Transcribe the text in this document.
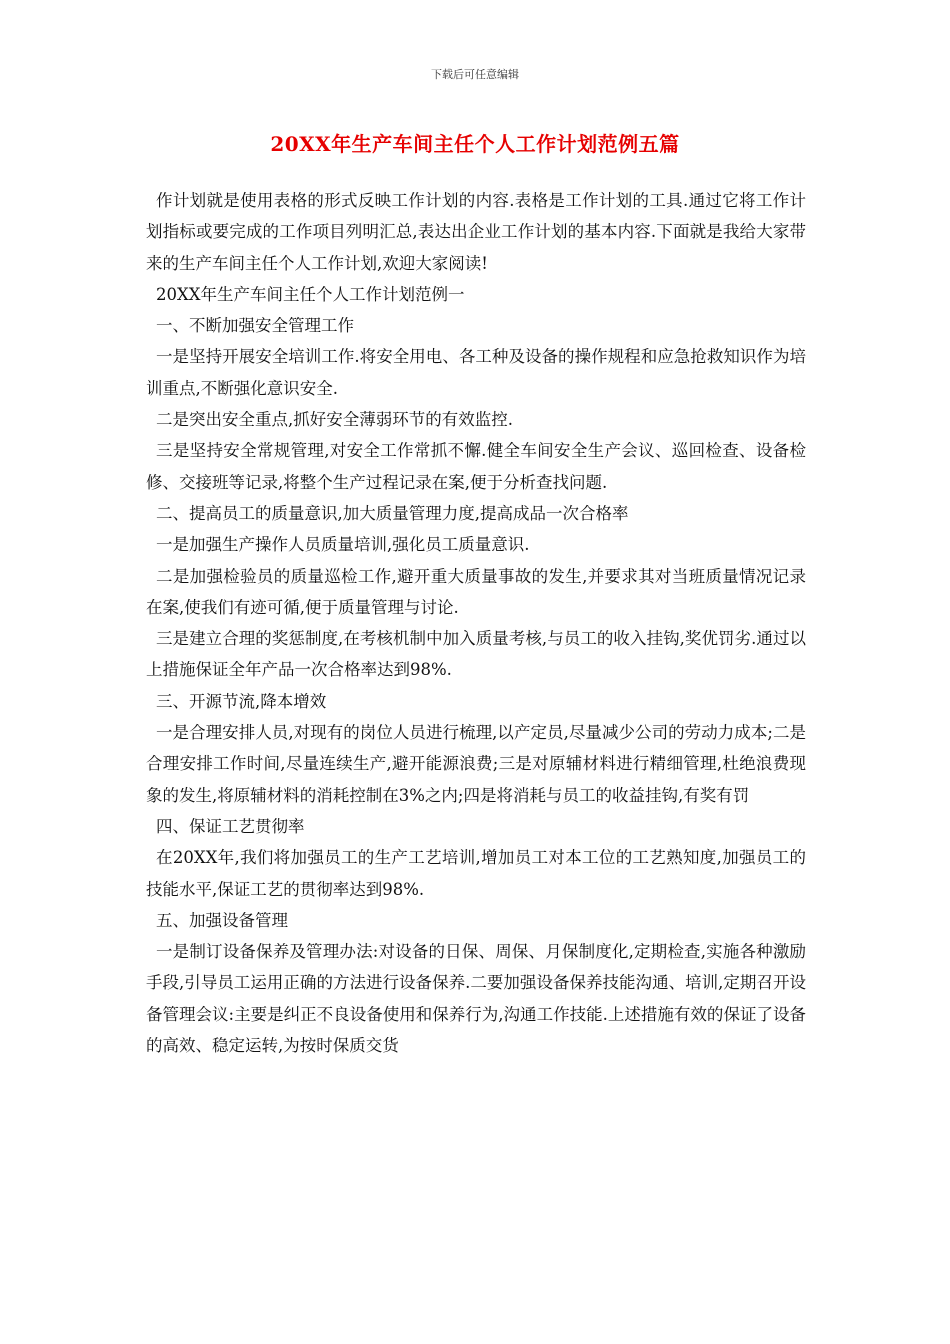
下载后可任意编辑
20XX年生产车间主任个人工作计划范例五篇

作计划就是使用表格的形式反映工作计划的内容.表格是工作计划的工具.通过它将工作计划指标或要完成的工作项目列明汇总,表达出企业工作计划的基本内容.下面就是我给大家带来的生产车间主任个人工作计划,欢迎大家阅读!

20XX年生产车间主任个人工作计划范例一

一、不断加强安全管理工作

一是坚持开展安全培训工作.将安全用电、各工种及设备的操作规程和应急抢救知识作为培训重点,不断强化意识安全.

二是突出安全重点,抓好安全薄弱环节的有效监控.

三是坚持安全常规管理,对安全工作常抓不懈.健全车间安全生产会议、巡回检查、设备检修、交接班等记录,将整个生产过程记录在案,便于分析查找问题.

二、提高员工的质量意识,加大质量管理力度,提高成品一次合格率

一是加强生产操作人员质量培训,强化员工质量意识.

二是加强检验员的质量巡检工作,避开重大质量事故的发生,并要求其对当班质量情况记录在案,使我们有迹可循,便于质量管理与讨论.

三是建立合理的奖惩制度,在考核机制中加入质量考核,与员工的收入挂钩,奖优罚劣.通过以上措施保证全年产品一次合格率达到98%.

三、开源节流,降本增效

一是合理安排人员,对现有的岗位人员进行梳理,以产定员,尽量减少公司的劳动力成本;二是合理安排工作时间,尽量连续生产,避开能源浪费;三是对原辅材料进行精细管理,杜绝浪费现象的发生,将原辅材料的消耗控制在3%之内;四是将消耗与员工的收益挂钩,有奖有罚

四、保证工艺贯彻率

在20XX年,我们将加强员工的生产工艺培训,增加员工对本工位的工艺熟知度,加强员工的技能水平,保证工艺的贯彻率达到98%.

五、加强设备管理

一是制订设备保养及管理办法:对设备的日保、周保、月保制度化,定期检查,实施各种激励手段,引导员工运用正确的方法进行设备保养.二要加强设备保养技能沟通、培训,定期召开设备管理会议:主要是纠正不良设备使用和保养行为,沟通工作技能.上述措施有效的保证了设备的高效、稳定运转,为按时保质交货
